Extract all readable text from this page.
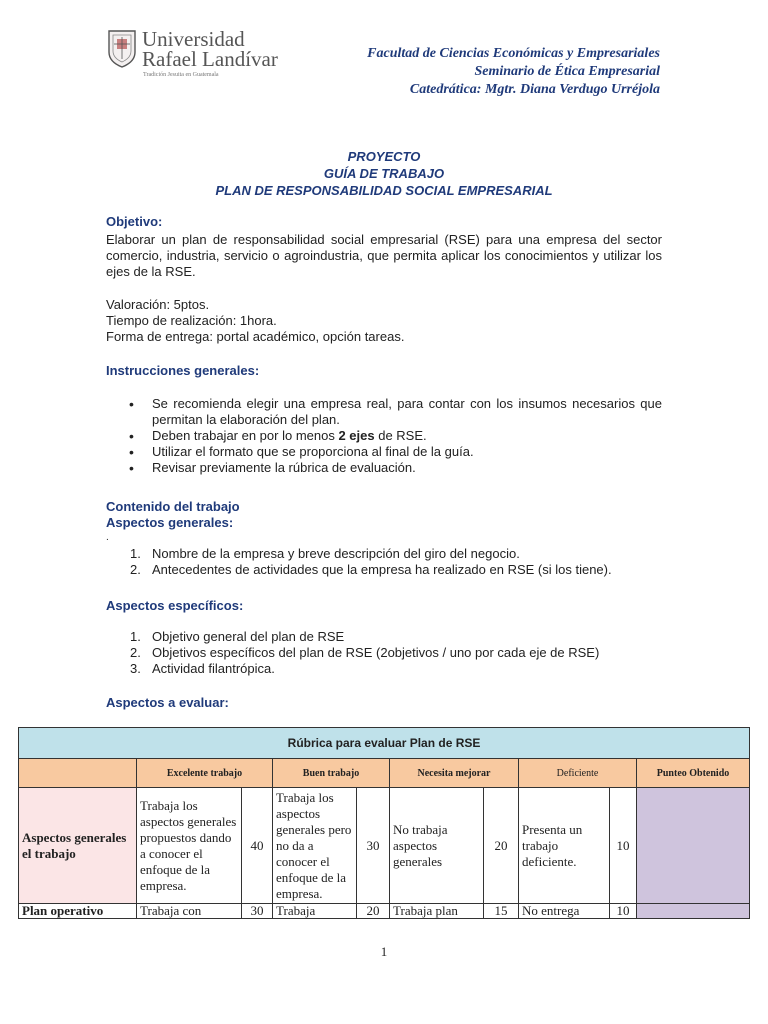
Universidad
Rafael Landívar
Tradición Jesuita en Guatemala
Facultad de Ciencias Económicas y Empresariales
Seminario de Ética Empresarial
Catedrática: Mgtr. Diana Verdugo Urréjola
PROYECTO
GUÍA DE TRABAJO
PLAN DE RESPONSABILIDAD SOCIAL EMPRESARIAL
Objetivo:
Elaborar un plan de responsabilidad social empresarial (RSE) para una empresa del sector comercio, industria, servicio o agroindustria, que permita aplicar los conocimientos y utilizar los ejes de la RSE.
Valoración: 5ptos.
Tiempo de realización: 1hora.
Forma de entrega: portal académico, opción tareas.
Instrucciones generales:
• Se recomienda elegir una empresa real, para contar con los insumos necesarios que permitan la elaboración del plan.
• Deben trabajar en por lo menos 2 ejes de RSE.
• Utilizar el formato que se proporciona al final de la guía.
• Revisar previamente la rúbrica de evaluación.
Contenido del trabajo
Aspectos generales:
.
1. Nombre de la empresa y breve descripción del giro del negocio.
2. Antecedentes de actividades que la empresa ha realizado en RSE (si los tiene).
Aspectos específicos:
1. Objetivo general del plan de RSE
2. Objetivos específicos del plan de RSE (2objetivos / uno por cada eje de RSE)
3. Actividad filantrópica.
Aspectos a evaluar:
Rúbrica para evaluar Plan de RSE									
	Excelente trabajo		Buen trabajo		Necesita mejorar		Deficiente		Punteo Obtenido
Aspectos generales el trabajo	Trabaja los aspectos generales propuestos dando a conocer el enfoque de la empresa.	40	Trabaja los aspectos generales pero no da a conocer el enfoque de la empresa.	30	No trabaja aspectos generales	20	Presenta un trabajo deficiente.	10	
Plan operativo	Trabaja con	30	Trabaja	20	Trabaja plan	15	No entrega	10	
1
